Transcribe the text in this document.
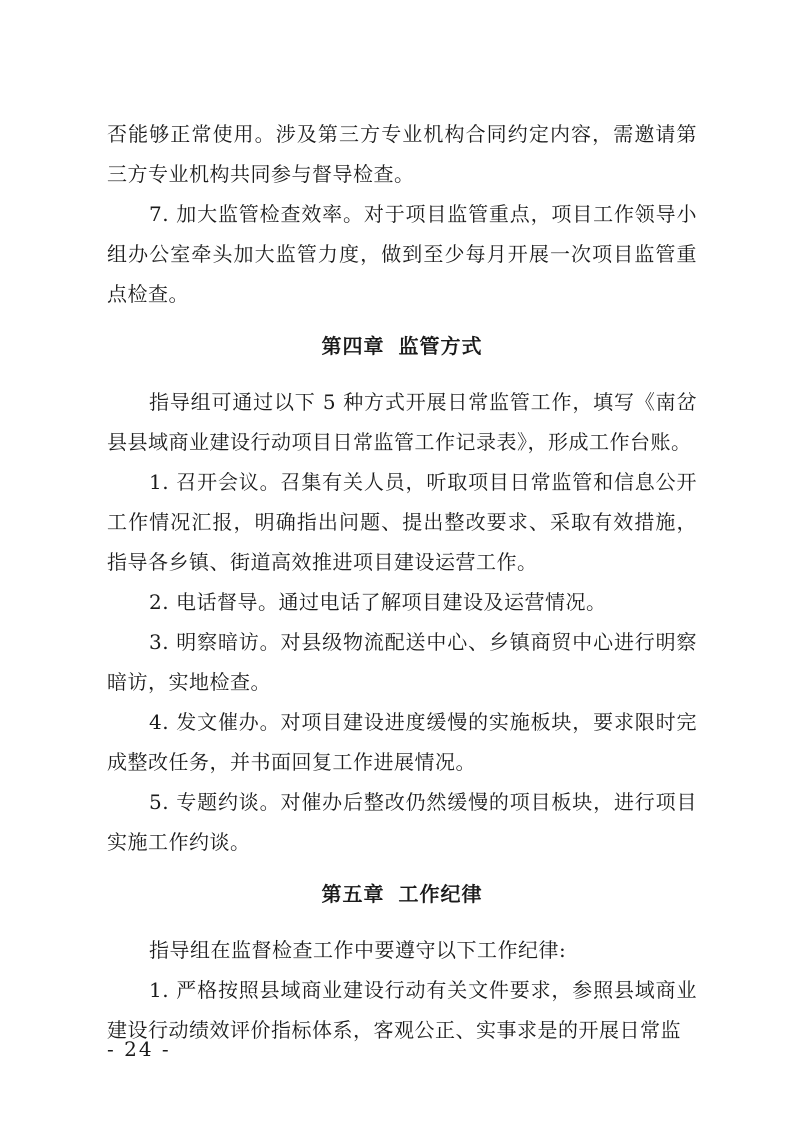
否能够正常使用。涉及第三方专业机构合同约定内容，需邀请第三方专业机构共同参与督导检查。

7. 加大监管检查效率。对于项目监管重点，项目工作领导小组办公室牵头加大监管力度，做到至少每月开展一次项目监管重点检查。

第四章 监管方式

指导组可通过以下 5 种方式开展日常监管工作，填写《南岔县县域商业建设行动项目日常监管工作记录表》，形成工作台账。

1. 召开会议。召集有关人员，听取项目日常监管和信息公开工作情况汇报，明确指出问题、提出整改要求、采取有效措施，指导各乡镇、街道高效推进项目建设运营工作。

2. 电话督导。通过电话了解项目建设及运营情况。

3. 明察暗访。对县级物流配送中心、乡镇商贸中心进行明察暗访，实地检查。

4. 发文催办。对项目建设进度缓慢的实施板块，要求限时完成整改任务，并书面回复工作进展情况。

5. 专题约谈。对催办后整改仍然缓慢的项目板块，进行项目实施工作约谈。

第五章 工作纪律

指导组在监督检查工作中要遵守以下工作纪律:

1. 严格按照县域商业建设行动有关文件要求，参照县域商业建设行动绩效评价指标体系，客观公正、实事求是的开展日常监

- 24 -
